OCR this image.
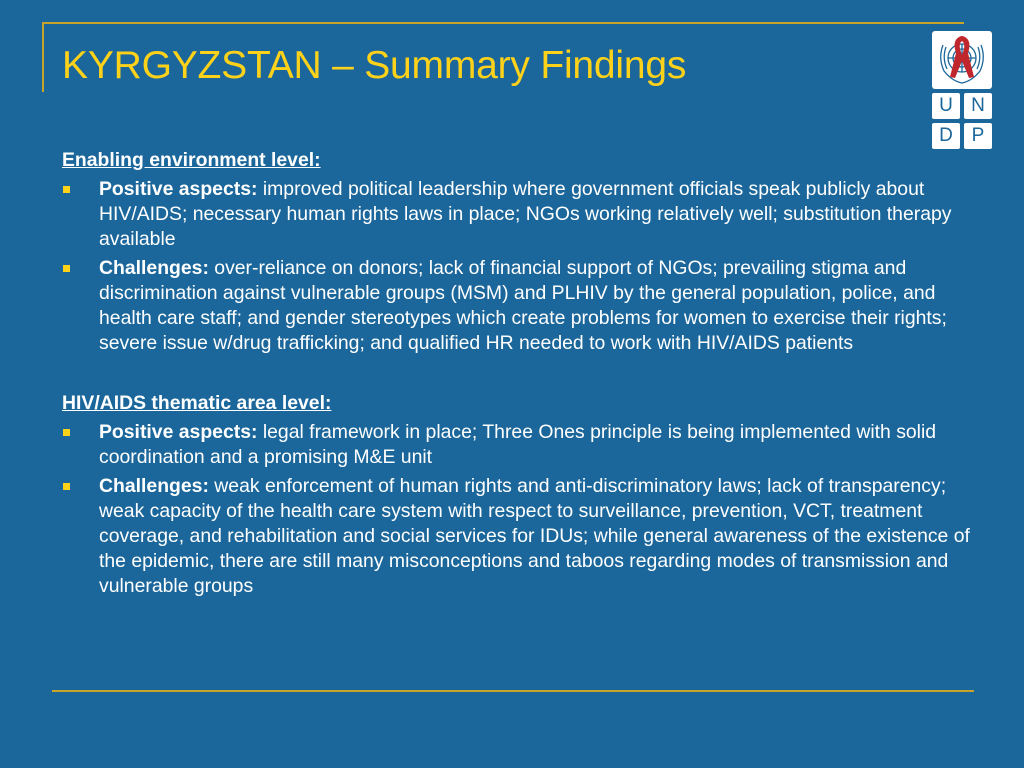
KYRGYZSTAN – Summary Findings
U N
D P
Enabling environment level:
Positive aspects: improved political leadership where government officials speak publicly about HIV/AIDS; necessary human rights laws in place; NGOs working relatively well; substitution therapy available
Challenges: over-reliance on donors; lack of financial support of NGOs; prevailing stigma and discrimination against vulnerable groups (MSM) and PLHIV by the general population, police, and health care staff; and gender stereotypes which create problems for women to exercise their rights; severe issue w/drug trafficking; and qualified HR needed to work with HIV/AIDS patients
HIV/AIDS thematic area level:
Positive aspects: legal framework in place; Three Ones principle is being implemented with solid coordination and a promising M&E unit
Challenges: weak enforcement of human rights and anti-discriminatory laws; lack of transparency; weak capacity of the health care system with respect to surveillance, prevention, VCT, treatment coverage, and rehabilitation and social services for IDUs; while general awareness of the existence of the epidemic, there are still many misconceptions and taboos regarding modes of transmission and vulnerable groups
